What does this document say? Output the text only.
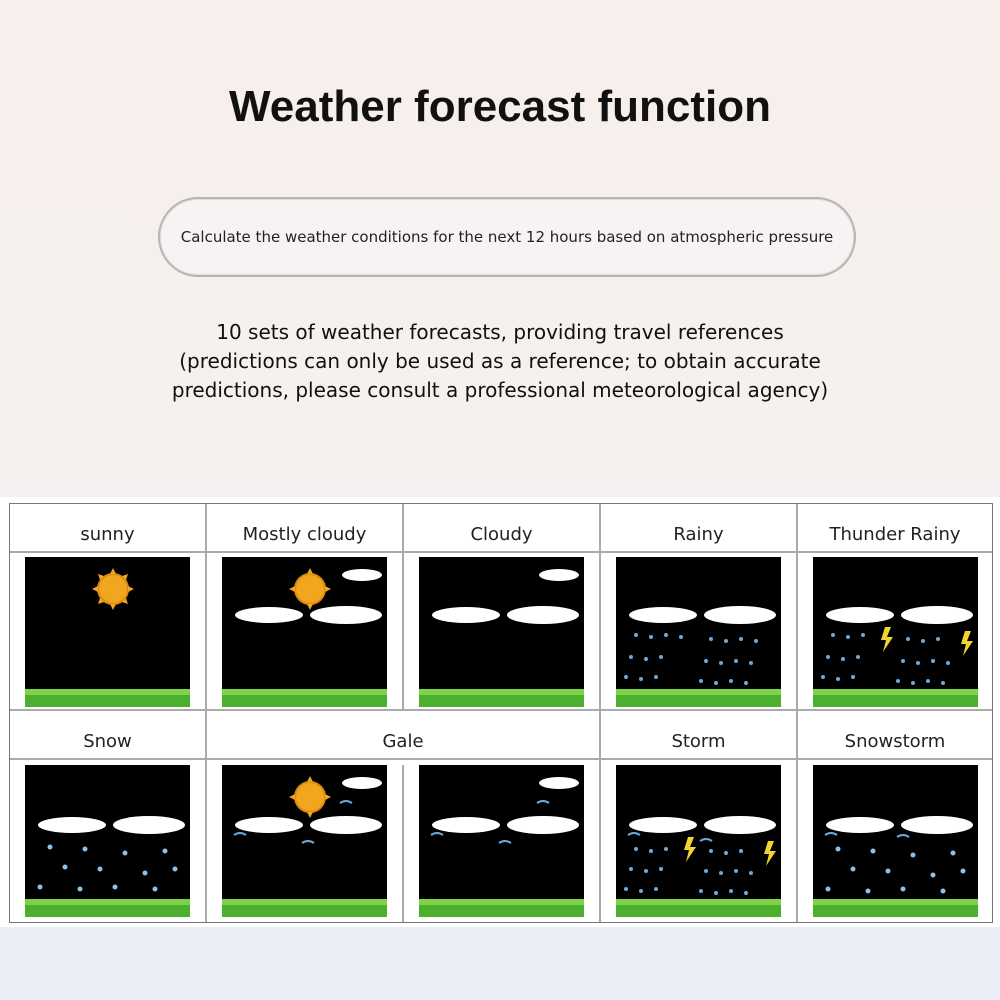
Weather forecast function
Calculate the weather conditions for the next 12 hours based on atmospheric pressure
10 sets of weather forecasts, providing travel references
(predictions can only be used as a reference; to obtain accurate
predictions, please consult a professional meteorological agency)
sunny	Mostly cloudy	Cloudy	Rainy	Thunder Rainy
Snow	Gale	Storm	Snowstorm
